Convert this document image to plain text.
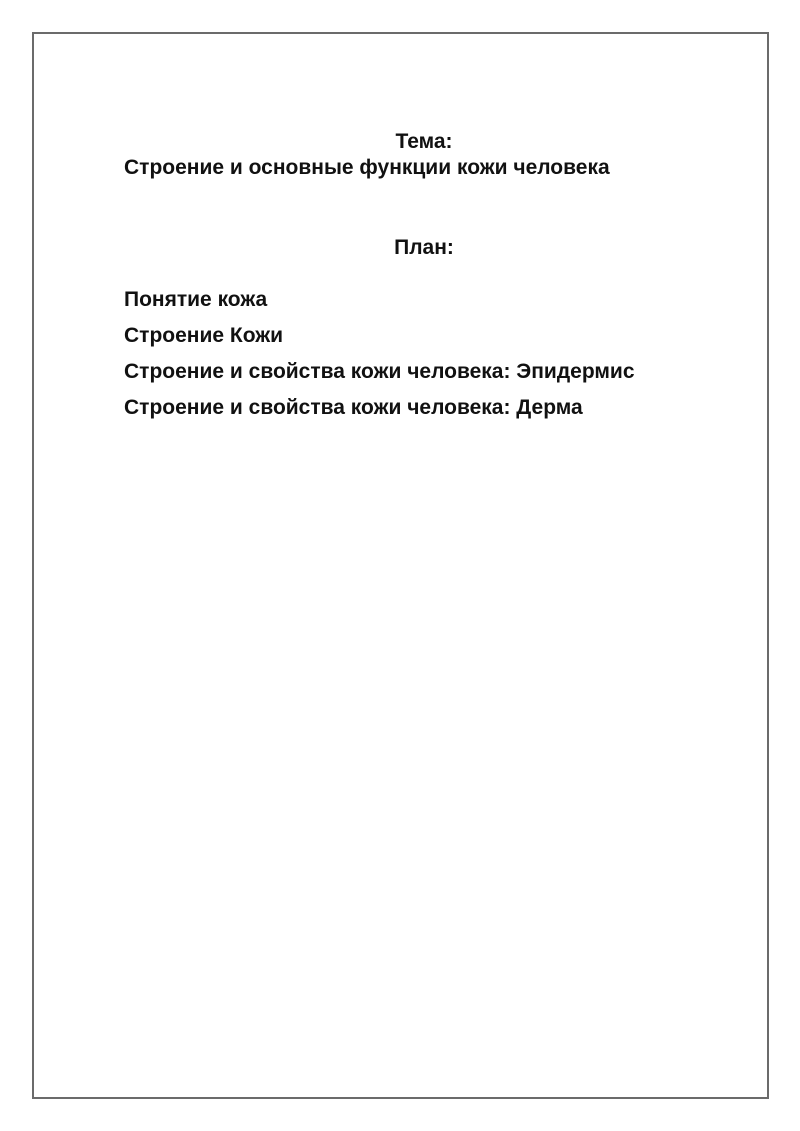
Тема:
Строение и основные функции кожи человека
План:
Понятие кожа
Строение Кожи
Строение и свойства кожи человека: Эпидермис
Строение и свойства кожи человека: Дерма
